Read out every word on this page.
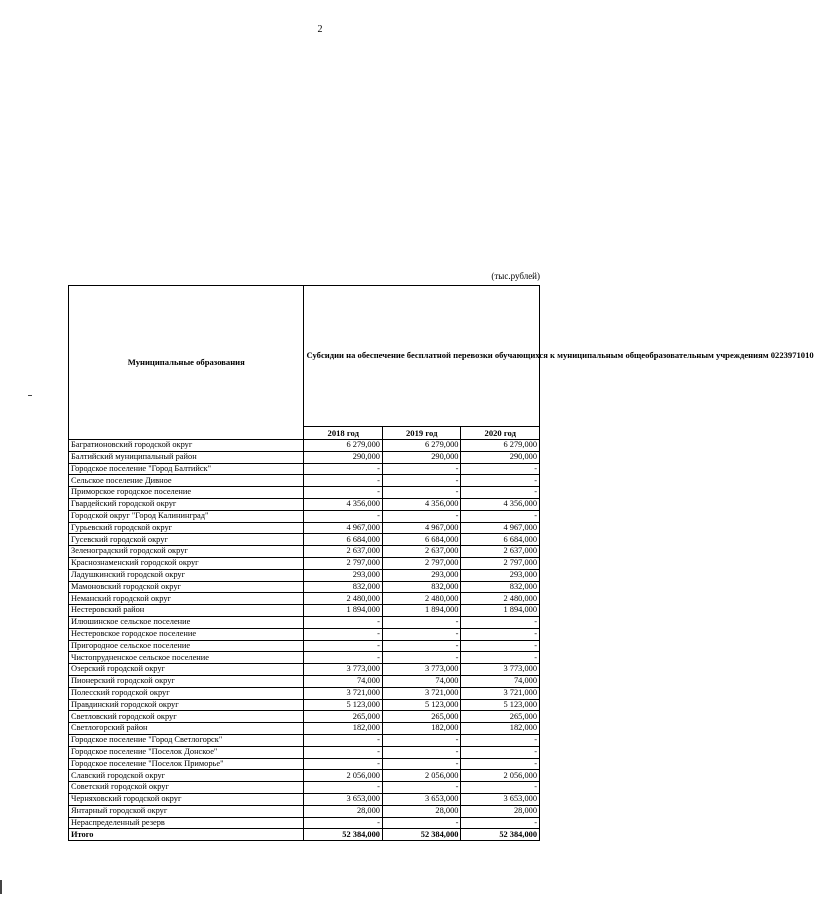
2
(тыс.рублей)
Муниципальные образования	Субсидии на обеспечение бесплатной перевозки обучающихся к муниципальным общеобразовательным учреждениям 0223971010		
	2018 год	2019 год	2020 год
Багратионовский городской округ	6 279,000	6 279,000	6 279,000
Балтийский муниципальный район	290,000	290,000	290,000
Городское поселение "Город Балтийск"	-	-	-
Сельское поселение Дивное	-	-	-
Приморское городское поселение	-	-	-
Гвардейский городской округ	4 356,000	4 356,000	4 356,000
Городской округ "Город Калининград"	-	-	-
Гурьевский городской округ	4 967,000	4 967,000	4 967,000
Гусевский городской округ	6 684,000	6 684,000	6 684,000
Зеленоградский городской округ	2 637,000	2 637,000	2 637,000
Краснознаменский городской округ	2 797,000	2 797,000	2 797,000
Ладушкинский городской округ	293,000	293,000	293,000
Мамоновский городской округ	832,000	832,000	832,000
Неманский городской округ	2 480,000	2 480,000	2 480,000
Нестеровский район	1 894,000	1 894,000	1 894,000
Илюшинское сельское поселение	-	-	-
Нестеровское городское поселение	-	-	-
Пригородное сельское поселение	-	-	-
Чистопрудненское сельское поселение	-	-	-
Озерский городской округ	3 773,000	3 773,000	3 773,000
Пионерский городской округ	74,000	74,000	74,000
Полесский городской округ	3 721,000	3 721,000	3 721,000
Правдинский городской округ	5 123,000	5 123,000	5 123,000
Светловский городской округ	265,000	265,000	265,000
Светлогорский район	182,000	182,000	182,000
Городское поселение "Город Светлогорск"	-	-	-
Городское поселение "Поселок Донское"	-	-	-
Городское поселение "Поселок Приморье"	-	-	-
Славский городской округ	2 056,000	2 056,000	2 056,000
Советский городской округ	-	-	-
Черняховский городской округ	3 653,000	3 653,000	3 653,000
Янтарный городской округ	28,000	28,000	28,000
Нераспределенный резерв	-	-	-
Итого	52 384,000	52 384,000	52 384,000
